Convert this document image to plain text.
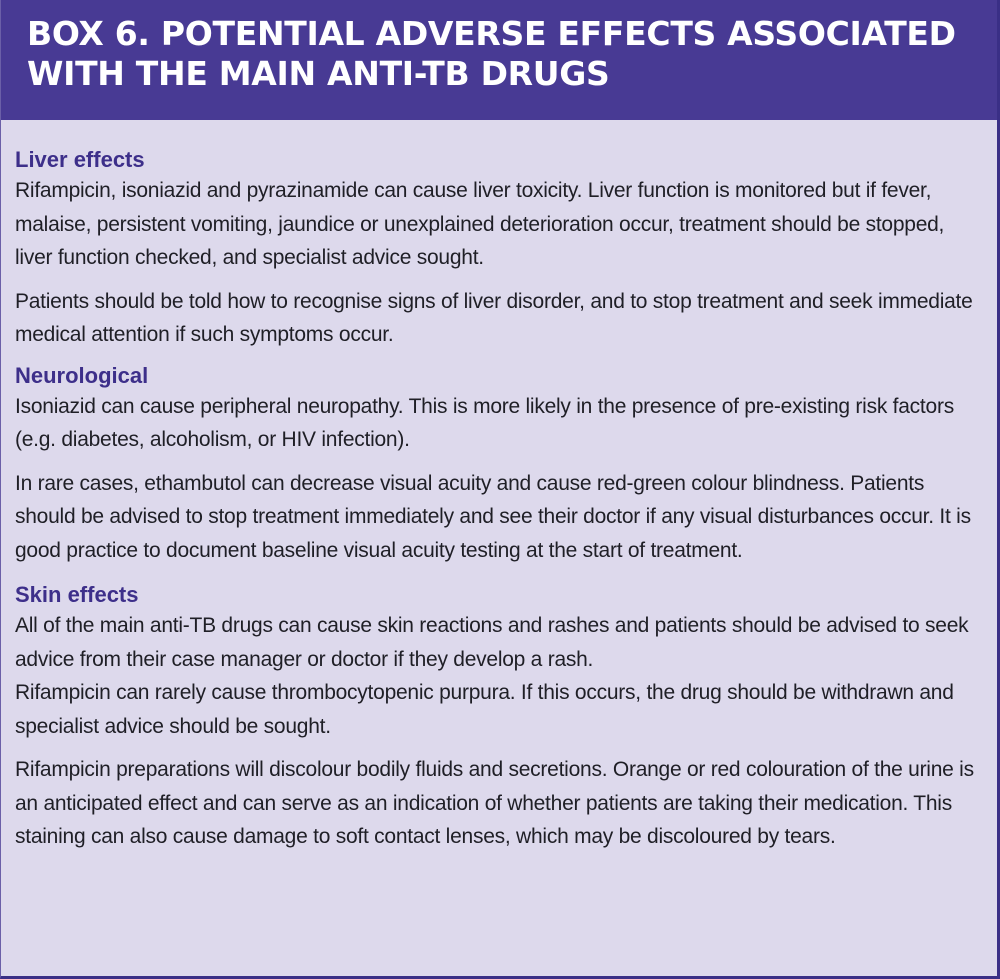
BOX 6. POTENTIAL ADVERSE EFFECTS ASSOCIATED WITH THE MAIN ANTI-TB DRUGS
Liver effects

Rifampicin, isoniazid and pyrazinamide can cause liver toxicity. Liver function is monitored but if fever, malaise, persistent vomiting, jaundice or unexplained deterioration occur, treatment should be stopped, liver function checked, and specialist advice sought.

Patients should be told how to recognise signs of liver disorder, and to stop treatment and seek immediate medical attention if such symptoms occur.

Neurological

Isoniazid can cause peripheral neuropathy. This is more likely in the presence of pre-existing risk factors (e.g. diabetes, alcoholism, or HIV infection).

In rare cases, ethambutol can decrease visual acuity and cause red-green colour blindness. Patients should be advised to stop treatment immediately and see their doctor if any visual disturbances occur. It is good practice to document baseline visual acuity testing at the start of treatment.

Skin effects

All of the main anti-TB drugs can cause skin reactions and rashes and patients should be advised to seek advice from their case manager or doctor if they develop a rash.

Rifampicin can rarely cause thrombocytopenic purpura. If this occurs, the drug should be withdrawn and specialist advice should be sought.

Rifampicin preparations will discolour bodily fluids and secretions. Orange or red colouration of the urine is an anticipated effect and can serve as an indication of whether patients are taking their medication. This staining can also cause damage to soft contact lenses, which may be discoloured by tears.
